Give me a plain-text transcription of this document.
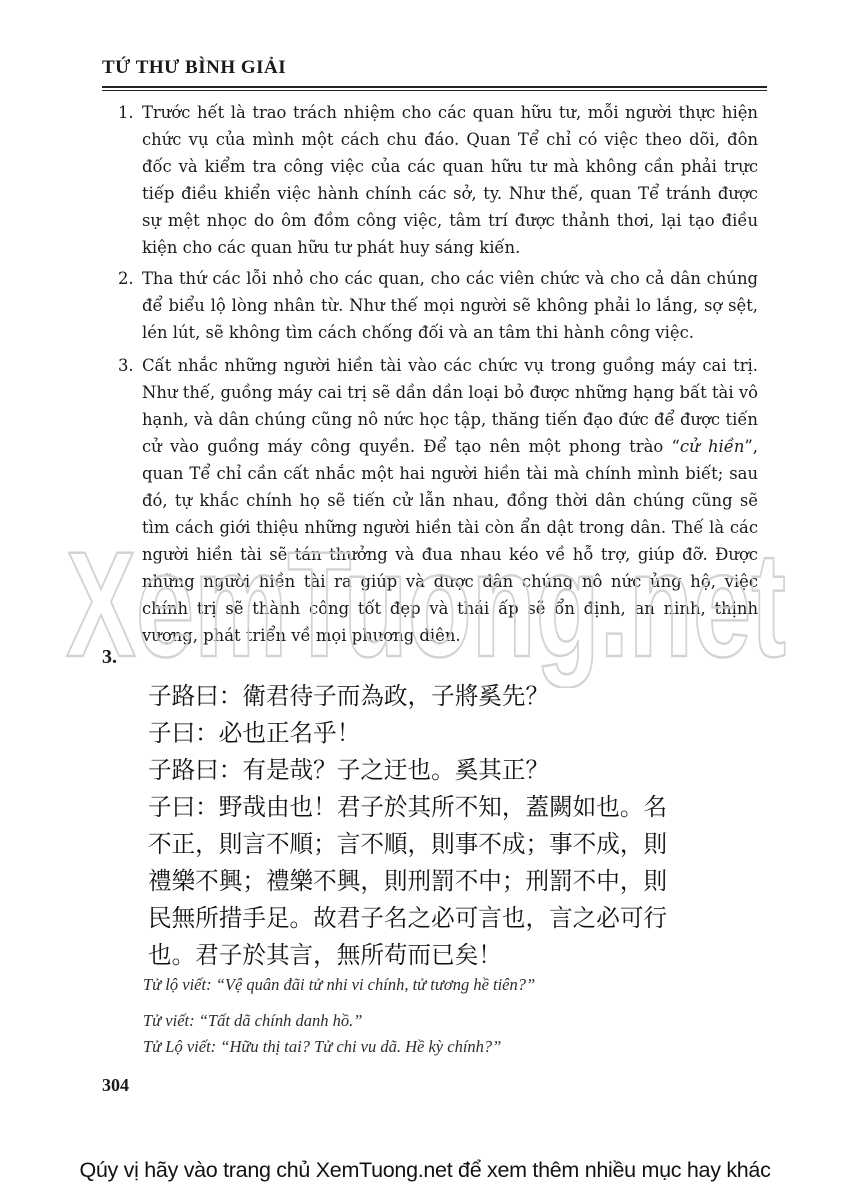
TỨ THƯ BÌNH GIẢI
1. Trước hết là trao trách nhiệm cho các quan hữu tư, mỗi người thực hiện chức vụ của mình một cách chu đáo. Quan Tể chỉ có việc theo dõi, đôn đốc và kiểm tra công việc của các quan hữu tư mà không cần phải trực tiếp điều khiển việc hành chính các sở, ty. Như thế, quan Tể tránh được sự mệt nhọc do ôm đồm công việc, tâm trí được thảnh thơi, lại tạo điều kiện cho các quan hữu tư phát huy sáng kiến.
2. Tha thứ các lỗi nhỏ cho các quan, cho các viên chức và cho cả dân chúng để biểu lộ lòng nhân từ. Như thế mọi người sẽ không phải lo lắng, sợ sệt, lén lút, sẽ không tìm cách chống đối và an tâm thi hành công việc.
3. Cất nhắc những người hiền tài vào các chức vụ trong guồng máy cai trị. Như thế, guồng máy cai trị sẽ dần dần loại bỏ được những hạng bất tài vô hạnh, và dân chúng cũng nô nức học tập, thăng tiến đạo đức để được tiến cử vào guồng máy công quyền. Để tạo nên một phong trào “cử hiền”, quan Tể chỉ cần cất nhắc một hai người hiền tài mà chính mình biết; sau đó, tự khắc chính họ sẽ tiến cử lẫn nhau, đồng thời dân chúng cũng sẽ tìm cách giới thiệu những người hiền tài còn ẩn dật trong dân. Thế là các người hiền tài sẽ tán thưởng và đua nhau kéo về hỗ trợ, giúp đỡ. Được những người hiền tài ra giúp và được dân chúng nô nức ủng hộ, việc chính trị sẽ thành công tốt đẹp và thái ấp sẽ ổn định, an ninh, thịnh vượng, phát triển về mọi phương diện.
XemTuong.net
3.
子路曰：衛君待子而為政，子將奚先？
子曰：必也正名乎！
子路曰：有是哉？子之迂也。奚其正？
子曰：野哉由也！君子於其所不知，蓋闕如也。名
不正，則言不順；言不順，則事不成；事不成，則
禮樂不興；禮樂不興，則刑罰不中；刑罰不中，則
民無所措手足。故君子名之必可言也，言之必可行
也。君子於其言，無所苟而已矣！
Tử lộ viết: “Vệ quân đãi tử nhi vi chính, tử tương hề tiên?”
Tử viết: “Tất dã chính danh hồ.”
Tử Lộ viết: “Hữu thị tai? Tử chi vu dã. Hề kỳ chính?”
304
Qúy vị hãy vào trang chủ XemTuong.net để xem thêm nhiều mục hay khác
